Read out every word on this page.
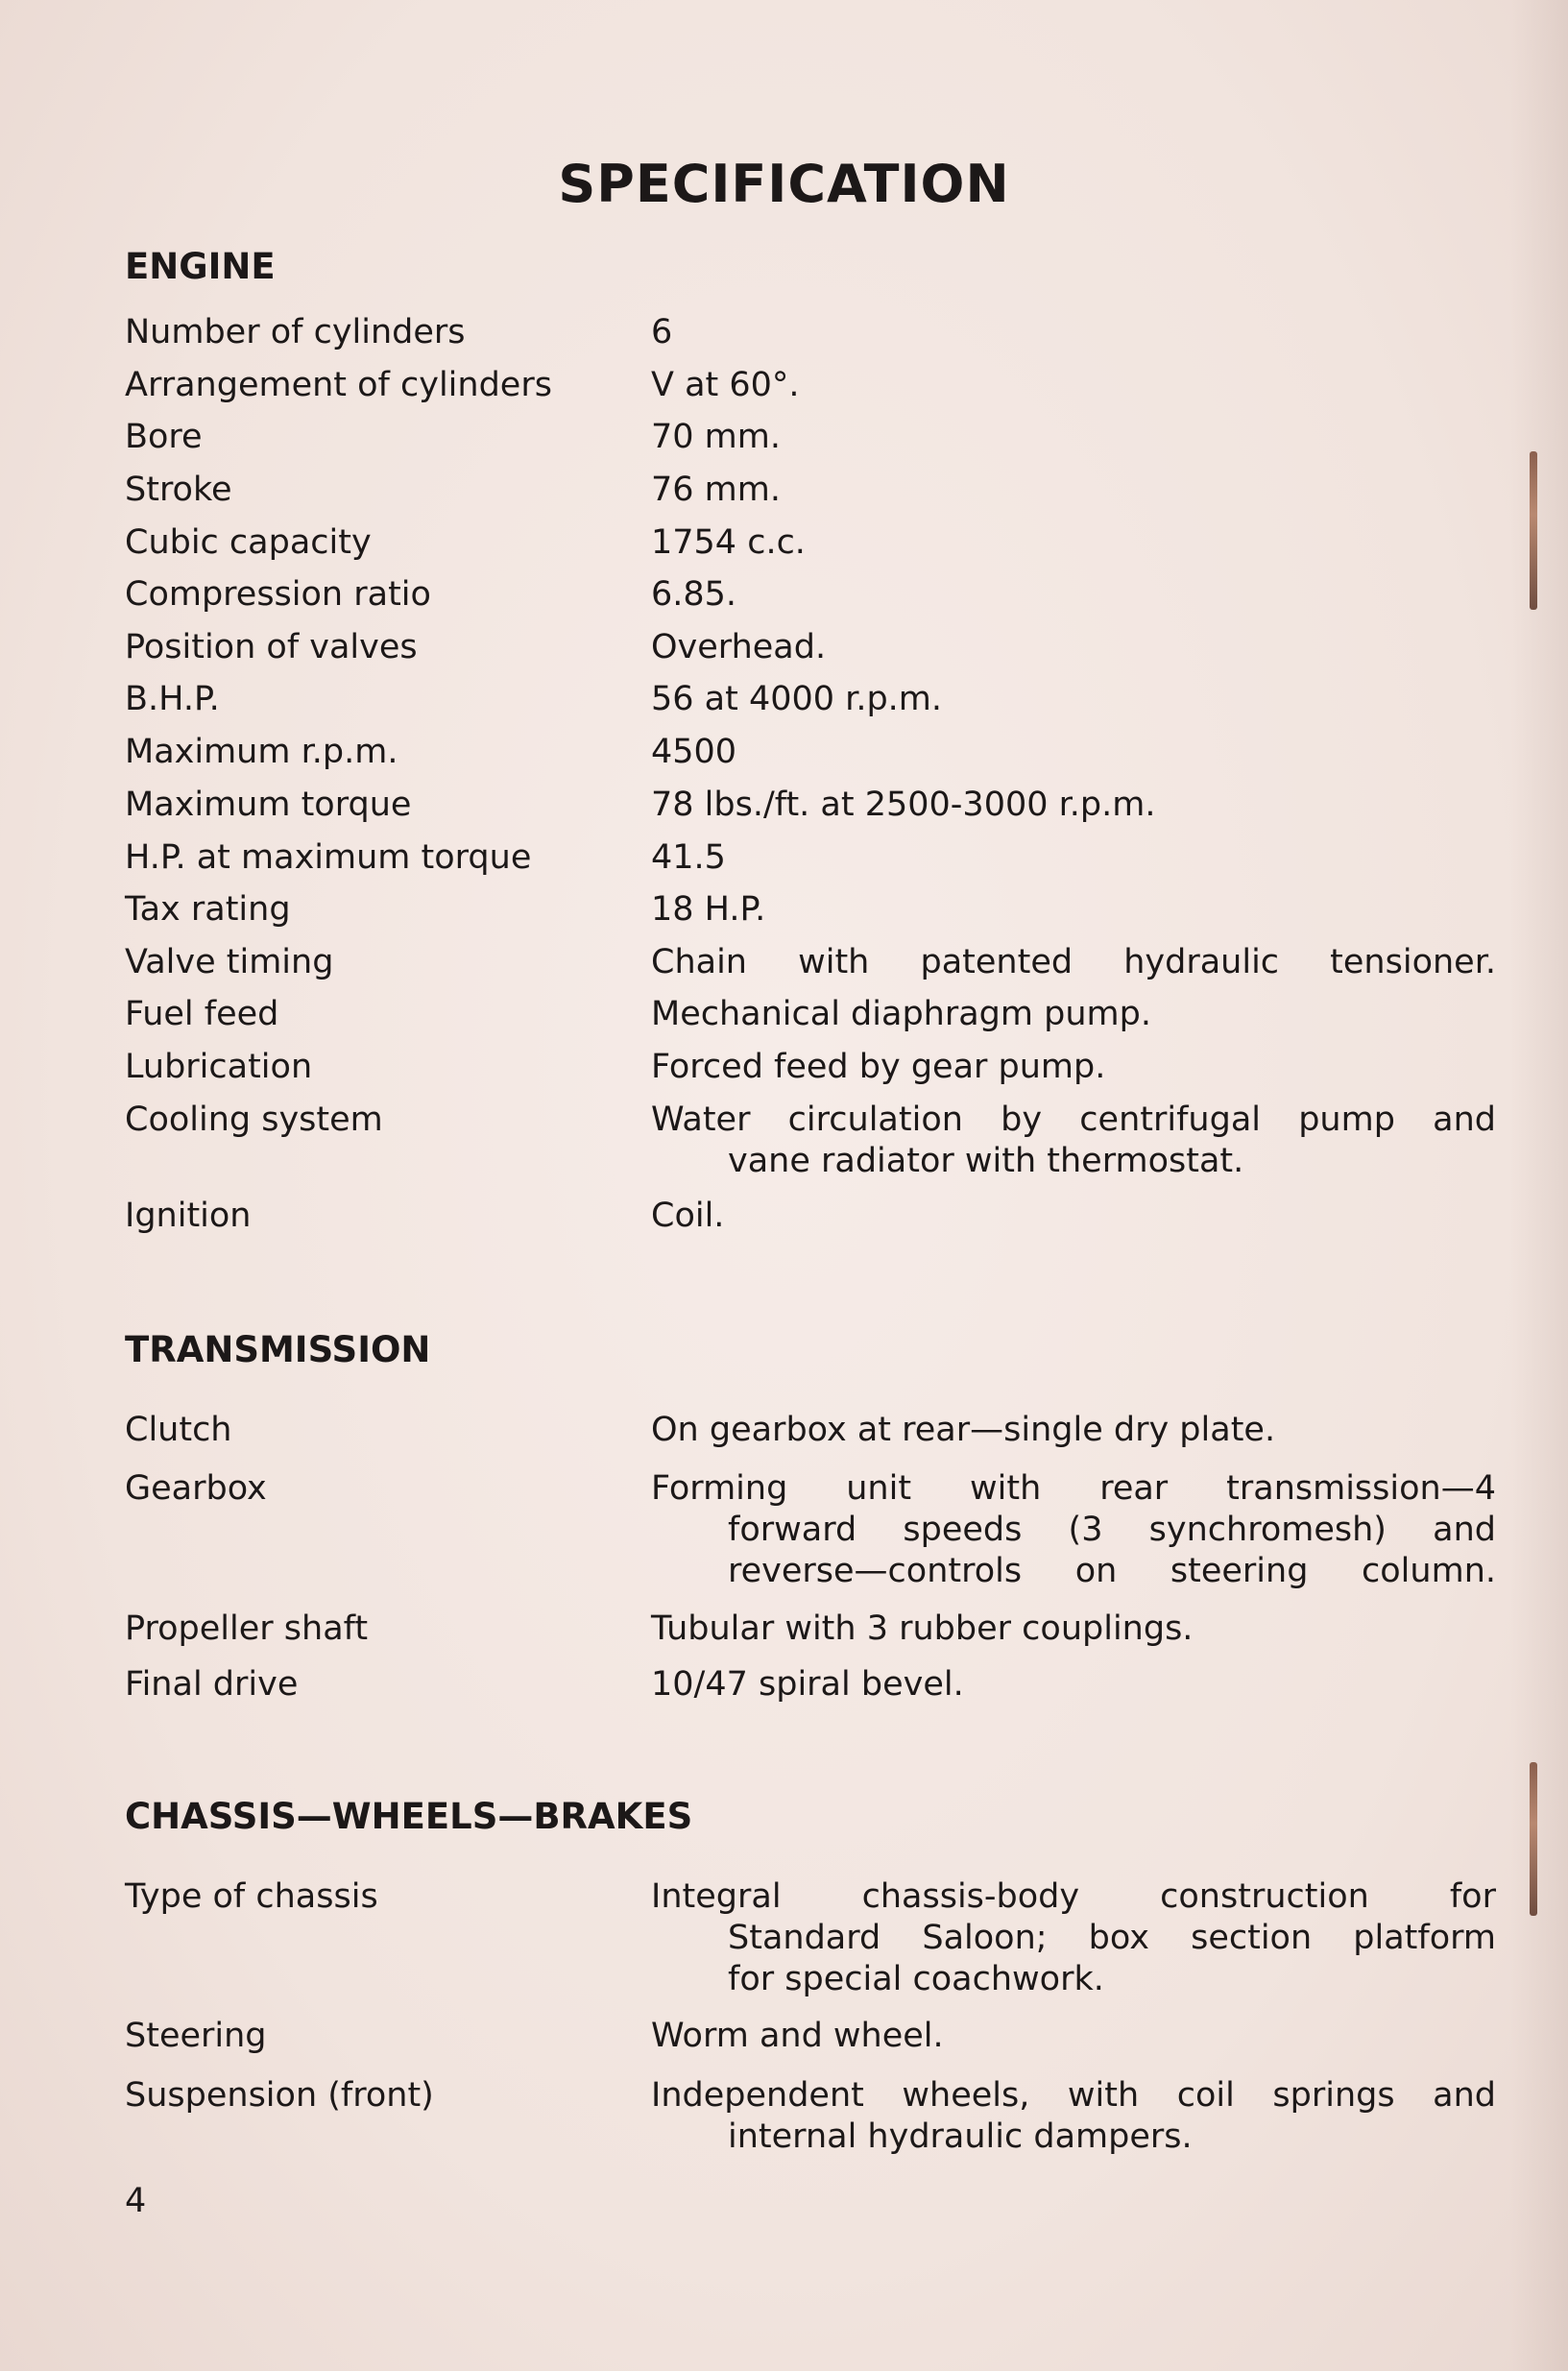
SPECIFICATION
ENGINE
Number of cylinders	6
Arrangement of cylinders	V at 60°.
Bore	70 mm.
Stroke	76 mm.
Cubic capacity	1754 c.c.
Compression ratio	6.85.
Position of valves	Overhead.
B.H.P.	56 at 4000 r.p.m.
Maximum r.p.m.	4500
Maximum torque	78 lbs./ft. at 2500-3000 r.p.m.
H.P. at maximum torque	41.5
Tax rating	18 H.P.
Valve timing	Chain with patented hydraulic tensioner.
Fuel feed	Mechanical diaphragm pump.
Lubrication	Forced feed by gear pump.
Cooling system	Water circulation by centrifugal pump and
vane radiator with thermostat.
Ignition	Coil.
TRANSMISSION
Clutch	On gearbox at rear—single dry plate.
Gearbox	Forming unit with rear transmission—4
forward speeds (3 synchromesh) and
reverse—controls on steering column.
Propeller shaft	Tubular with 3 rubber couplings.
Final drive	10/47 spiral bevel.
CHASSIS—WHEELS—BRAKES
Type of chassis	Integral chassis-body construction for
Standard Saloon; box section platform
for special coachwork.
Steering	Worm and wheel.
Suspension (front)	Independent wheels, with coil springs and
internal hydraulic dampers.
4
